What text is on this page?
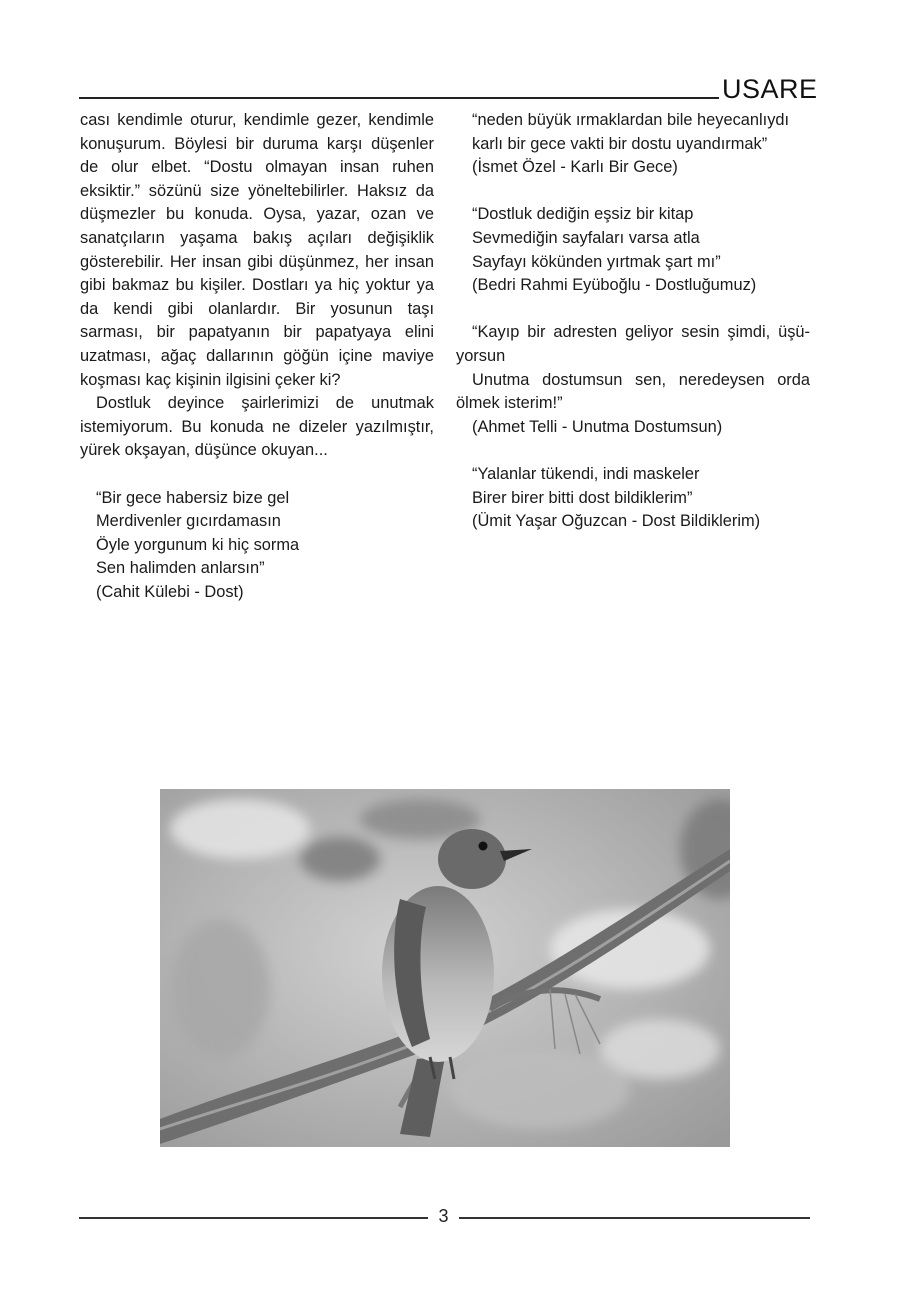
USARE

cası kendimle oturur, kendimle gezer, kendimle konuşurum. Böylesi bir duruma karşı düşenler de olur elbet. “Dostu olmayan insan ruhen eksiktir.” sözünü size yöneltebilirler. Haksız da düşmezler bu konuda. Oysa, yazar, ozan ve sanatçıların yaşama bakış açıları değişiklik gösterebilir. Her insan gibi düşünmez, her insan gibi bakmaz bu kişiler. Dostları ya hiç yoktur ya da kendi gibi olanlardır. Bir yosunun taşı sarması, bir papatyanın bir papatyaya elini uzatması, ağaç dallarının göğün içine maviye koşması kaç kişinin ilgisini çeker ki?

Dostluk deyince şairlerimizi de unutmak istemiyorum. Bu konuda ne dizeler yazılmıştır, yürek okşayan, düşünce okuyan...

“Bir gece habersiz bize gel
Merdivenler gıcırdamasın
Öyle yorgunum ki hiç sorma
Sen halimden anlarsın”
(Cahit Külebi - Dost)
“neden büyük ırmaklardan bile heyecanlıydı
karlı bir gece vakti bir dostu uyandırmak”
(İsmet Özel - Karlı Bir Gece)
“Dostluk dediğin eşsiz bir kitap
Sevmediğin sayfaları varsa atla
Sayfayı kökünden yırtmak şart mı”
(Bedri Rahmi Eyüboğlu - Dostluğumuz)
“Kayıp bir adresten geliyor sesin şimdi, üşü-
yorsun
Unutma dostumsun sen, neredeysen orda
ölmek isterim!”
(Ahmet Telli - Unutma Dostumsun)
“Yalanlar tükendi, indi maskeler
Birer birer bitti dost bildiklerim”
(Ümit Yaşar Oğuzcan - Dost Bildiklerim)
3
